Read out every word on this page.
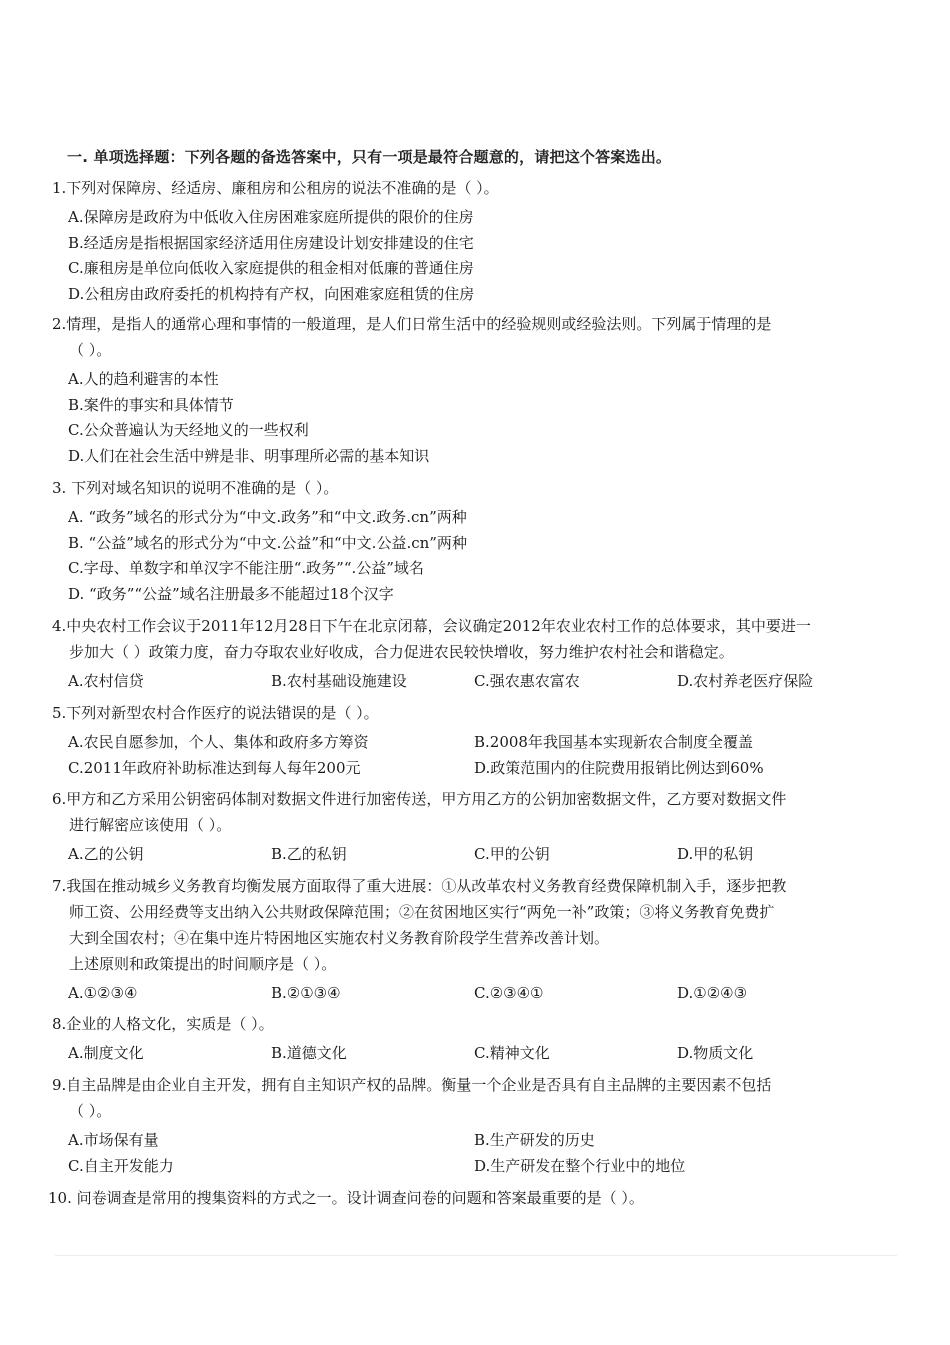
一. 单项选择题：下列各题的备选答案中，只有一项是最符合题意的，请把这个答案选出。
1.下列对保障房、经适房、廉租房和公租房的说法不准确的是（ ）。
A.保障房是政府为中低收入住房困难家庭所提供的限价的住房
B.经适房是指根据国家经济适用住房建设计划安排建设的住宅
C.廉租房是单位向低收入家庭提供的租金相对低廉的普通住房
D.公租房由政府委托的机构持有产权，向困难家庭租赁的住房
2.情理，是指人的通常心理和事情的一般道理，是人们日常生活中的经验规则或经验法则。下列属于情理的是
（ ）。
A.人的趋利避害的本性
B.案件的事实和具体情节
C.公众普遍认为天经地义的一些权利
D.人们在社会生活中辨是非、明事理所必需的基本知识
3. 下列对域名知识的说明不准确的是（ ）。
A. “政务”域名的形式分为“中文.政务”和“中文.政务.cn”两种
B. “公益”域名的形式分为“中文.公益”和“中文.公益.cn”两种
C.字母、单数字和单汉字不能注册“.政务”“.公益”域名
D. “政务”“公益”域名注册最多不能超过18个汉字
4.中央农村工作会议于2011年12月28日下午在北京闭幕，会议确定2012年农业农村工作的总体要求，其中要进一
步加大（ ）政策力度，奋力夺取农业好收成，合力促进农民较快增收，努力维护农村社会和谐稳定。
A.农村信贷	B.农村基础设施建设	C.强农惠农富农	D.农村养老医疗保险
5.下列对新型农村合作医疗的说法错误的是（ ）。
A.农民自愿参加，个人、集体和政府多方筹资	B.2008年我国基本实现新农合制度全覆盖
C.2011年政府补助标准达到每人每年200元	D.政策范围内的住院费用报销比例达到60%
6.甲方和乙方采用公钥密码体制对数据文件进行加密传送，甲方用乙方的公钥加密数据文件，乙方要对数据文件
进行解密应该使用（ ）。
A.乙的公钥	B.乙的私钥	C.甲的公钥	D.甲的私钥
7.我国在推动城乡义务教育均衡发展方面取得了重大进展：①从改革农村义务教育经费保障机制入手，逐步把教
师工资、公用经费等支出纳入公共财政保障范围；②在贫困地区实行“两免一补”政策；③将义务教育免费扩
大到全国农村；④在集中连片特困地区实施农村义务教育阶段学生营养改善计划。
上述原则和政策提出的时间顺序是（ ）。
A.①②③④	B.②①③④	C.②③④①	D.①②④③
8.企业的人格文化，实质是（ ）。
A.制度文化	B.道德文化	C.精神文化	D.物质文化
9.自主品牌是由企业自主开发，拥有自主知识产权的品牌。衡量一个企业是否具有自主品牌的主要因素不包括
（ ）。
A.市场保有量	B.生产研发的历史
C.自主开发能力	D.生产研发在整个行业中的地位
10. 问卷调查是常用的搜集资料的方式之一。设计调查问卷的问题和答案最重要的是（ ）。
